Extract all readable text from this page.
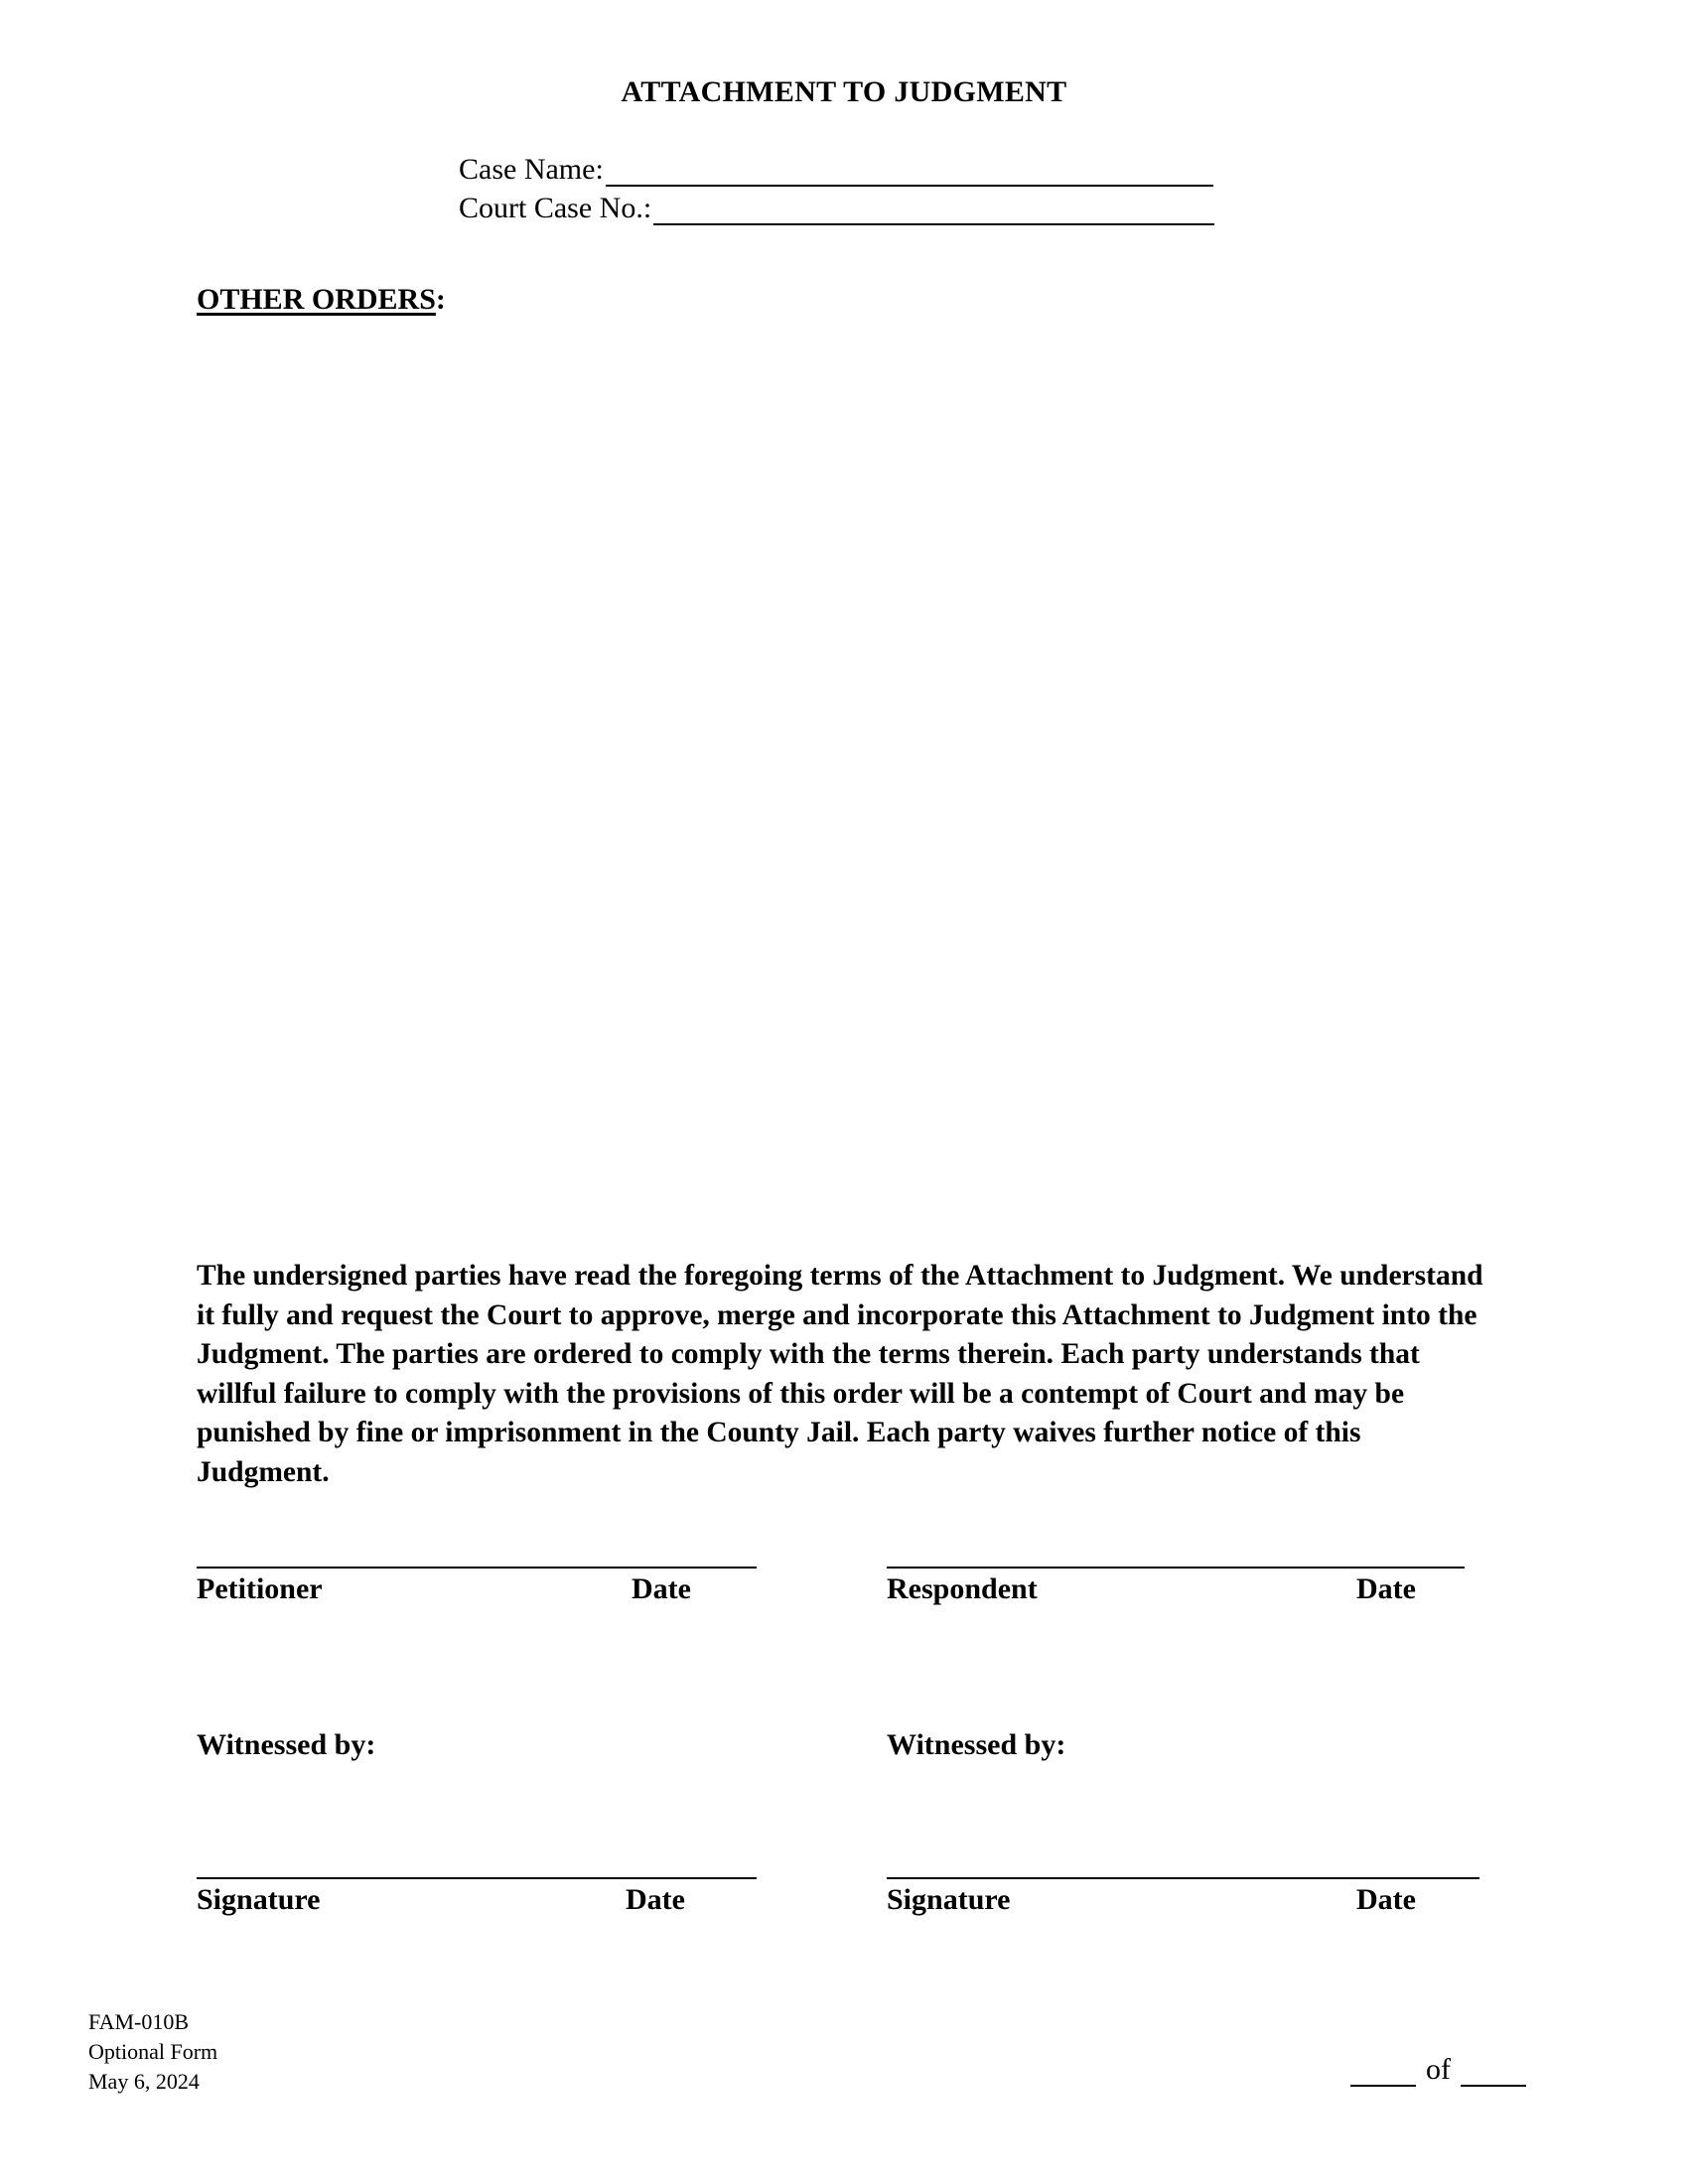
ATTACHMENT TO JUDGMENT
Case Name:
Court Case No.:
OTHER ORDERS:
The undersigned parties have read the foregoing terms of the Attachment to Judgment. We understand it fully and request the Court to approve, merge and incorporate this Attachment to Judgment into the Judgment. The parties are ordered to comply with the terms therein. Each party understands that willful failure to comply with the provisions of this order will be a contempt of Court and may be punished by fine or imprisonment in the County Jail. Each party waives further notice of this Judgment.
Petitioner	Date	Respondent	Date
Witnessed by:	Witnessed by:
Signature	Date	Signature	Date
FAM-010B
Optional Form
May 6, 2024	of
